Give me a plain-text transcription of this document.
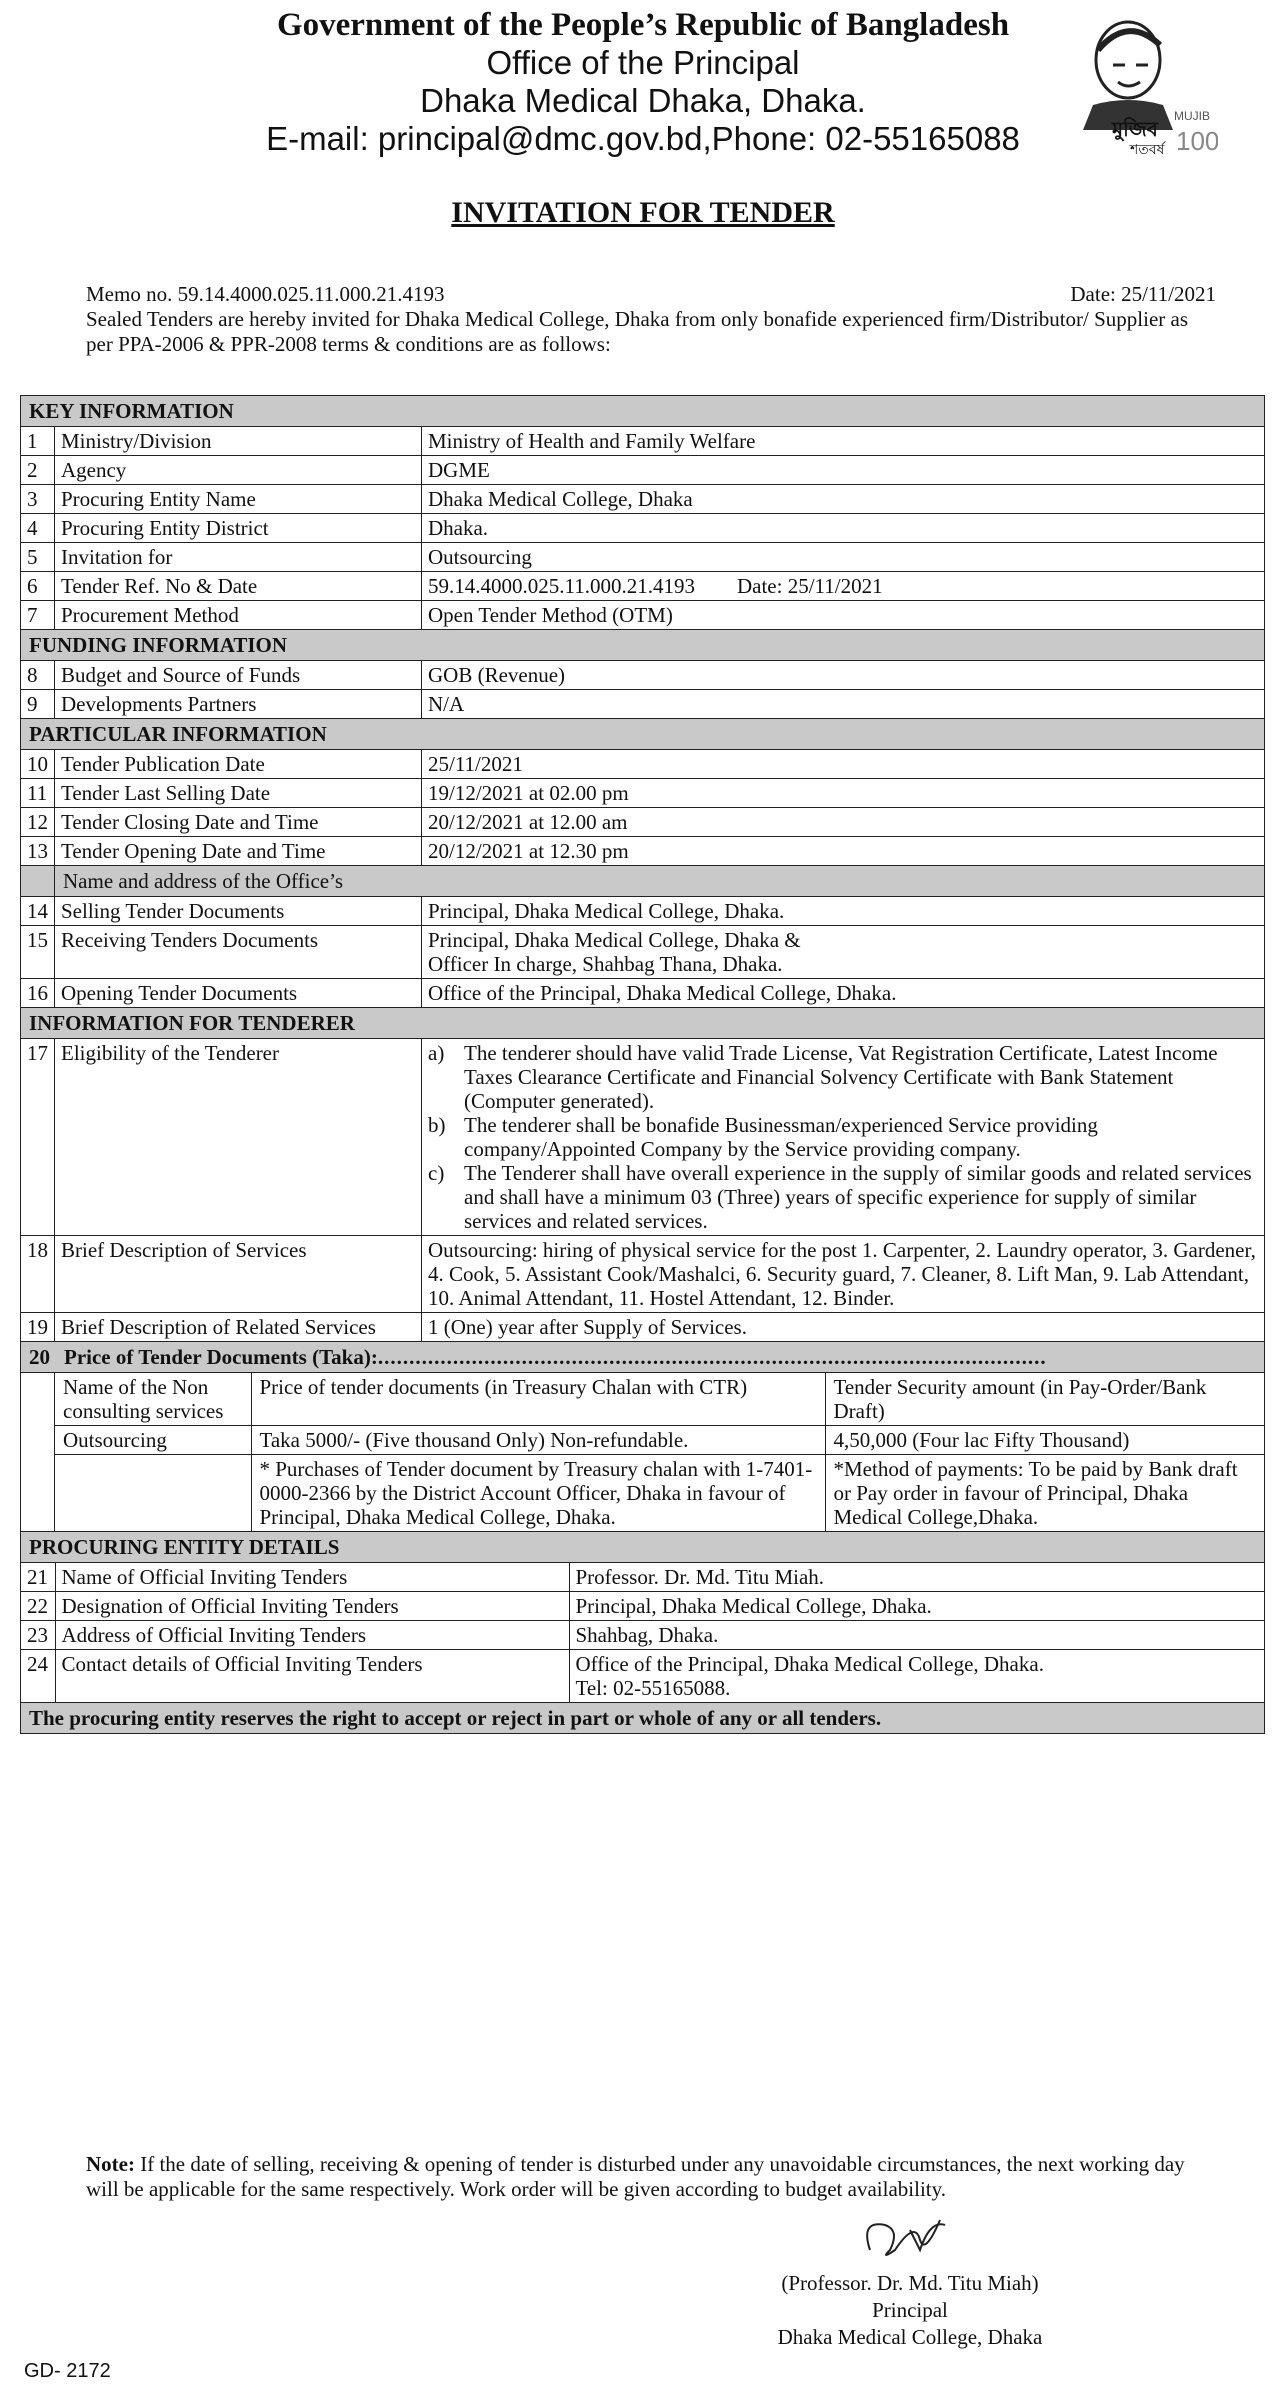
Government of the People’s Republic of Bangladesh
Office of the Principal
Dhaka Medical Dhaka, Dhaka.
E-mail: principal@dmc.gov.bd,Phone: 02-55165088	মুজিব
MUJIB
শতবর্ষ 100
INVITATION FOR TENDER
Memo no. 59.14.4000.025.11.000.21.4193	Date: 25/11/2021
Sealed Tenders are hereby invited for Dhaka Medical College, Dhaka from only bonafide experienced firm/Distributor/ Supplier as per PPA-2006 & PPR-2008 terms & conditions are as follows:
KEY INFORMATION
1	Ministry/Division	Ministry of Health and Family Welfare
2	Agency	DGME
3	Procuring Entity Name	Dhaka Medical College, Dhaka
4	Procuring Entity District	Dhaka.
5	Invitation for	Outsourcing
6	Tender Ref. No & Date	59.14.4000.025.11.000.21.4193 Date: 25/11/2021
7	Procurement Method	Open Tender Method (OTM)
FUNDING INFORMATION
8	Budget and Source of Funds	GOB (Revenue)
9	Developments Partners	N/A
PARTICULAR INFORMATION
10	Tender Publication Date	25/11/2021
11	Tender Last Selling Date	19/12/2021 at 02.00 pm
12	Tender Closing Date and Time	20/12/2021 at 12.00 am
13	Tender Opening Date and Time	20/12/2021 at 12.30 pm
	Name and address of the Office’s
14	Selling Tender Documents	Principal, Dhaka Medical College, Dhaka.
15	Receiving Tenders Documents	Principal, Dhaka Medical College, Dhaka &
Officer In charge, Shahbag Thana, Dhaka.

16	Opening Tender Documents	Office of the Principal, Dhaka Medical College, Dhaka.
INFORMATION FOR TENDERER
17	Eligibility of the Tenderer	a) The tenderer should have valid Trade License, Vat Registration Certificate, Latest Income Taxes Clearance Certificate and Financial Solvency Certificate with Bank Statement (Computer generated).
b) The tenderer shall be bonafide Businessman/experienced Service providing company/Appointed Company by the Service providing company.
c) The Tenderer shall have overall experience in the supply of similar goods and related services and shall have a minimum 03 (Three) years of specific experience for supply of similar services and related services.

18	Brief Description of Services	Outsourcing: hiring of physical service for the post 1. Carpenter, 2. Laundry operator, 3. Gardener, 4. Cook, 5. Assistant Cook/Mashalci, 6. Security guard, 7. Cleaner, 8. Lift Man, 9. Lab Attendant, 10. Animal Attendant, 11. Hostel Attendant, 12. Binder.
19	Brief Description of Related Services	1 (One) year after Supply of Services.
20 Price of Tender Documents (Taka):...........................................................................................................

Name of the Non consulting services	Price of tender documents (in Treasury Chalan with CTR)	Tender Security amount (in Pay-Order/Bank Draft)
Outsourcing	Taka 5000/- (Five thousand Only) Non-refundable.	4,50,000 (Four lac Fifty Thousand)
	* Purchases of Tender document by Treasury chalan with 1-7401-0000-2366 by the District Account Officer, Dhaka in favour of Principal, Dhaka Medical College, Dhaka.	*Method of payments: To be paid by Bank draft or Pay order in favour of Principal, Dhaka Medical College,Dhaka.

PROCURING ENTITY DETAILS

21	Name of Official Inviting Tenders	Professor. Dr. Md. Titu Miah.
22	Designation of Official Inviting Tenders	Principal, Dhaka Medical College, Dhaka.
23	Address of Official Inviting Tenders	Shahbag, Dhaka.
24	Contact details of Official Inviting Tenders	Office of the Principal, Dhaka Medical College, Dhaka.
Tel: 02-55165088.

The procuring entity reserves the right to accept or reject in part or whole of any or all tenders.
Note: If the date of selling, receiving & opening of tender is disturbed under any unavoidable circumstances, the next working day will be applicable for the same respectively. Work order will be given according to budget availability.
(Professor. Dr. Md. Titu Miah)
Principal
Dhaka Medical College, Dhaka
GD- 2172
